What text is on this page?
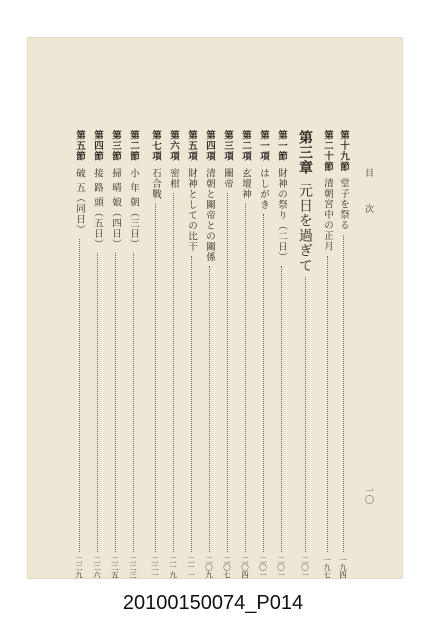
目 次
一〇
第十九節
堂子を祭る
一九四
第二十節
清朝宮中の正月
一九七
第三章
元日を過ぎて
二〇一
第一節
財神の祭り（二日）
二〇一
第一項
はしがき
二〇一
第二項
玄壇神
二〇四
第三項
關帝
二〇七
第四項
清朝と關帝との關係
二〇九
第五項
財神としての比干
二一一
第六項
密柑
二一九
第七項
石合戰
二二一
第二節
小 年 朝（三日）
二二三
第三節
掃 晴 娘（四日）
二二五
第四節
接 路 頭（五日）
二二六
第五節
破 五（同日）
二二九
20100150074_P014
